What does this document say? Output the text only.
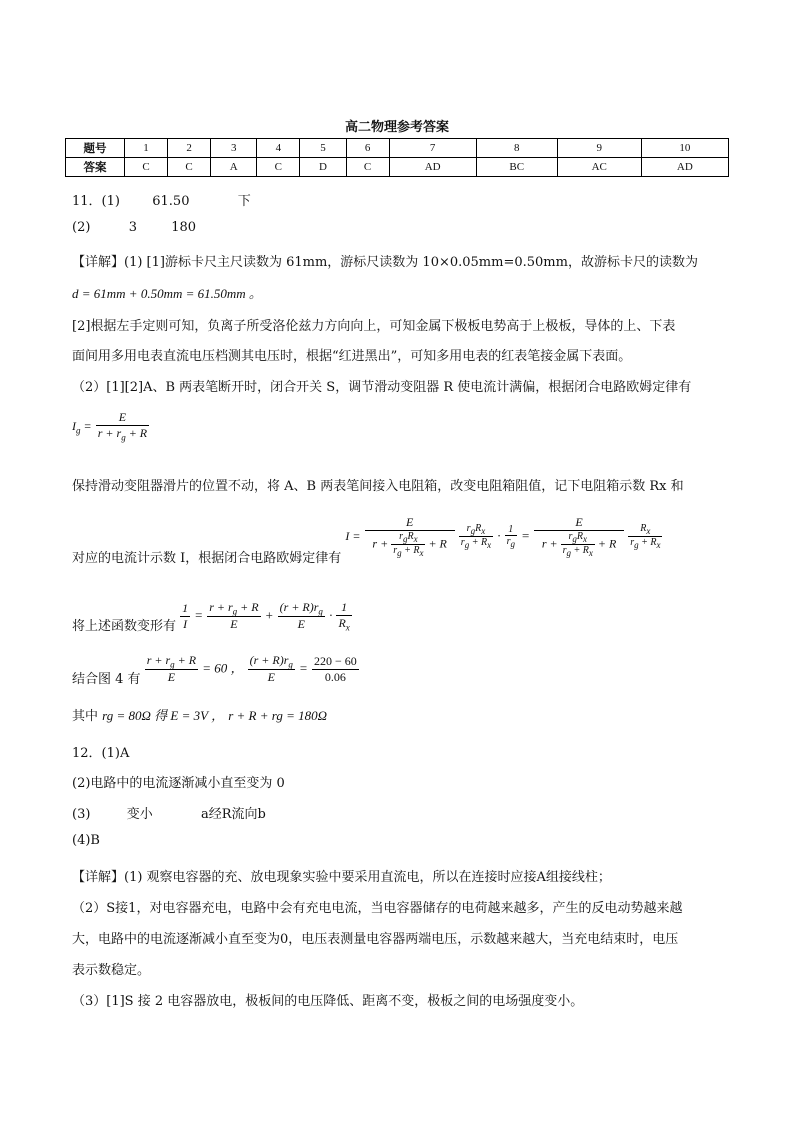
高二物理参考答案
题号	1	2	3	4	5	6	7	8	9	10
答案	C	C	A	C	D	C	AD	BC	AC	AD
11．(1) 61.50	下
(2)	3	180
【详解】(1) [1]游标卡尺主尺读数为 61mm，游标尺读数为 10×0.05mm=0.50mm，故游标卡尺的读数为
d = 61mm + 0.50mm = 61.50mm 。
[2]根据左手定则可知，负离子所受洛伦兹力方向向上，可知金属下极板电势高于上极板，导体的上、下表
面间用多用电表直流电压档测其电压时，根据“红进黑出”，可知多用电表的红表笔接金属下表面。
（2）[1][2]A、B 两表笔断开时，闭合开关 S，调节滑动变阻器 R 使电流计满偏，根据闭合电路欧姆定律有
$I_g = \frac{E}{r + r_g + R}$
保持滑动变阻器滑片的位置不动，将 A、B 两表笔间接入电阻箱，改变电阻箱阻值，记下电阻箱示数 Rx 和
对应的电流计示数 I，根据闭合电路欧姆定律有 $I = \frac{E}{r + \frac{r_gR_x}{r_g + R_x} + R}$
$\frac{r_gR_x}{r_g + R_x} \cdot \frac{1}{r_g} = \frac{E}{r + \frac{r_gR_x}{r_g + R_x} + R}$
$\frac{R_x}{r_g + R_x}$
将上述函数变形有 $\frac{1}{I} = \frac{r + r_g + R}{E} + \frac{(r + R)r_g}{E} \cdot \frac{1}{R_x}$
结合图 4 有 $\frac{r + r_g + R}{E} = 60$ ， $\frac{(r + R)r_g}{E} = \frac{220 - 60}{0.06}$
其中 rg = 80Ω 得 E = 3V ， r + R + rg = 180Ω
12．(1)A
(2)电路中的电流逐渐减小直至变为 0
(3)	变小	a经R流向b
(4)B
【详解】(1) 观察电容器的充、放电现象实验中要采用直流电，所以在连接时应接A组接线柱；
（2）S接1，对电容器充电，电路中会有充电电流，当电容器储存的电荷越来越多，产生的反电动势越来越
大，电路中的电流逐渐减小直至变为0，电压表测量电容器两端电压，示数越来越大，当充电结束时，电压
表示数稳定。
（3）[1]S 接 2 电容器放电，极板间的电压降低、距离不变，极板之间的电场强度变小。
